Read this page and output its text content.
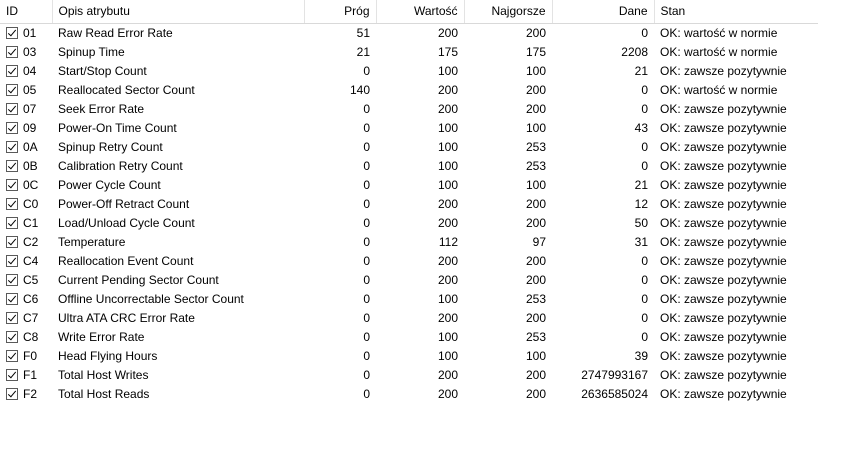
ID	Opis atrybutu	Próg	Wartość	Najgorsze	Dane	Stan

01	Raw Read Error Rate	51	200	200	0	OK: wartość w normie

03	Spinup Time	21	175	175	2208	OK: wartość w normie

04	Start/Stop Count	0	100	100	21	OK: zawsze pozytywnie

05	Reallocated Sector Count	140	200	200	0	OK: wartość w normie

07	Seek Error Rate	0	200	200	0	OK: zawsze pozytywnie

09	Power-On Time Count	0	100	100	43	OK: zawsze pozytywnie

0A	Spinup Retry Count	0	100	253	0	OK: zawsze pozytywnie

0B	Calibration Retry Count	0	100	253	0	OK: zawsze pozytywnie

0C	Power Cycle Count	0	100	100	21	OK: zawsze pozytywnie

C0	Power-Off Retract Count	0	200	200	12	OK: zawsze pozytywnie

C1	Load/Unload Cycle Count	0	200	200	50	OK: zawsze pozytywnie

C2	Temperature	0	112	97	31	OK: zawsze pozytywnie

C4	Reallocation Event Count	0	200	200	0	OK: zawsze pozytywnie

C5	Current Pending Sector Count	0	200	200	0	OK: zawsze pozytywnie

C6	Offline Uncorrectable Sector Count	0	100	253	0	OK: zawsze pozytywnie

C7	Ultra ATA CRC Error Rate	0	200	200	0	OK: zawsze pozytywnie

C8	Write Error Rate	0	100	253	0	OK: zawsze pozytywnie

F0	Head Flying Hours	0	100	100	39	OK: zawsze pozytywnie

F1	Total Host Writes	0	200	200	2747993167	OK: zawsze pozytywnie

F2	Total Host Reads	0	200	200	2636585024	OK: zawsze pozytywnie
